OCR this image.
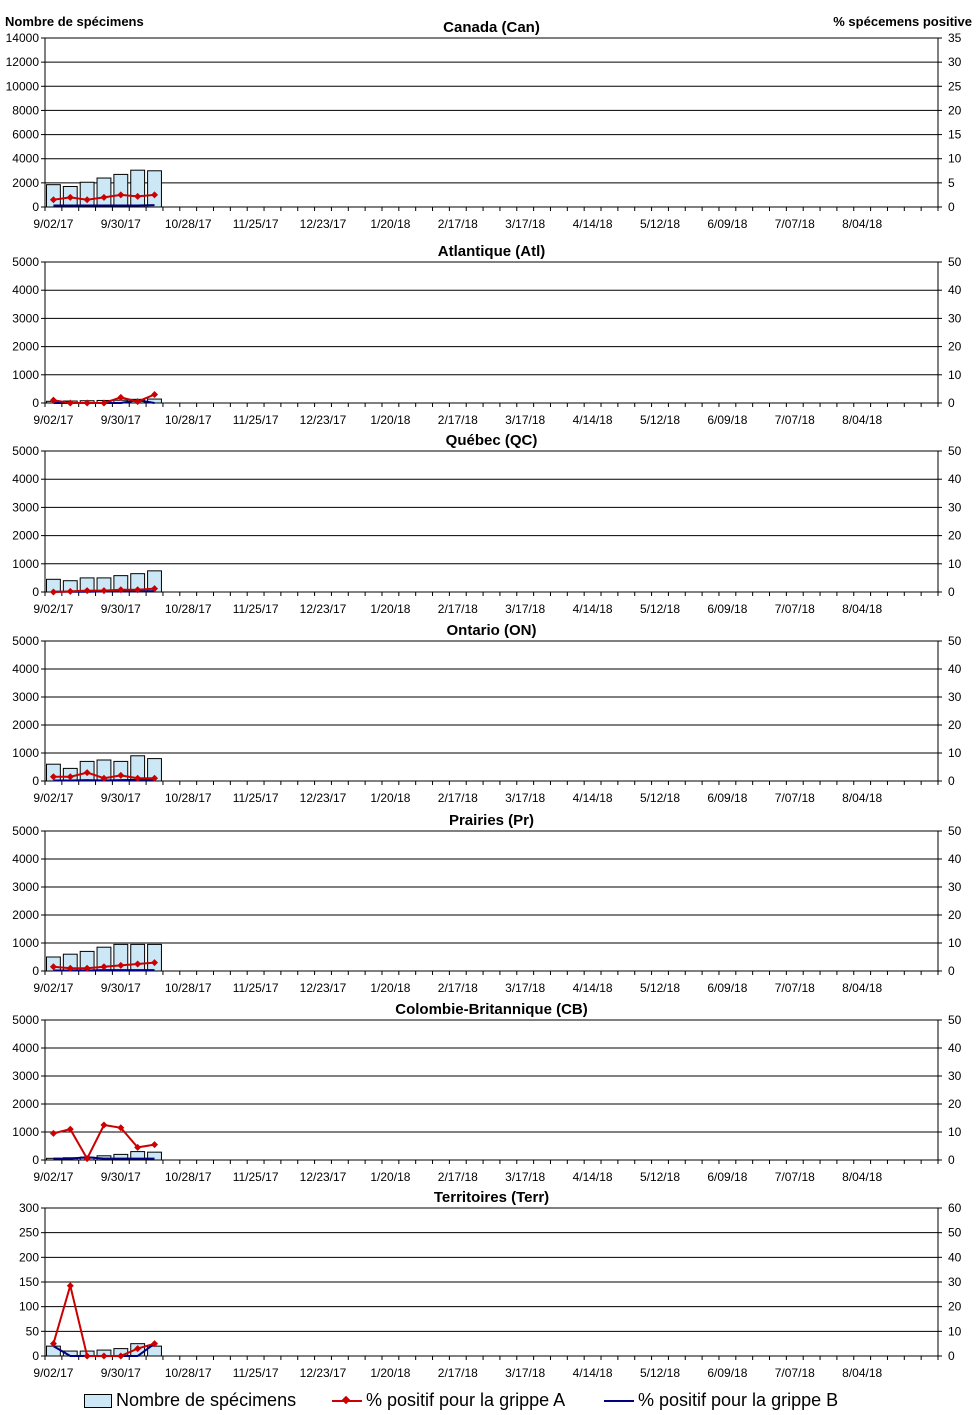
Nombre de spécimens	% spécemens positive
0
2000
4000
6000
8000
10000
12000
14000
0
5
10
15
20
25
30
35
9/02/17 9/30/17 10/28/17 11/25/17 12/23/17 1/20/18 2/17/18 3/17/18 4/14/18 5/12/18 6/09/18 7/07/18 8/04/18
Canada (Can)
0
1000
2000
3000
4000
5000
0
10
20
30
40
50
9/02/17 9/30/17 10/28/17 11/25/17 12/23/17 1/20/18 2/17/18 3/17/18 4/14/18 5/12/18 6/09/18 7/07/18 8/04/18
Atlantique (Atl)
0
1000
2000
3000
4000
5000
0
10
20
30
40
50
9/02/17 9/30/17 10/28/17 11/25/17 12/23/17 1/20/18 2/17/18 3/17/18 4/14/18 5/12/18 6/09/18 7/07/18 8/04/18
Québec (QC)
0
1000
2000
3000
4000
5000
0
10
20
30
40
50
9/02/17 9/30/17 10/28/17 11/25/17 12/23/17 1/20/18 2/17/18 3/17/18 4/14/18 5/12/18 6/09/18 7/07/18 8/04/18
Ontario (ON)
0
1000
2000
3000
4000
5000
0
10
20
30
40
50
9/02/17 9/30/17 10/28/17 11/25/17 12/23/17 1/20/18 2/17/18 3/17/18 4/14/18 5/12/18 6/09/18 7/07/18 8/04/18
Prairies (Pr)
0
1000
2000
3000
4000
5000
0
10
20
30
40
50
9/02/17 9/30/17 10/28/17 11/25/17 12/23/17 1/20/18 2/17/18 3/17/18 4/14/18 5/12/18 6/09/18 7/07/18 8/04/18
Colombie-Britannique (CB)
0
50
100
150
200
250
300
0
10
20
30
40
50
60
9/02/17 9/30/17 10/28/17 11/25/17 12/23/17 1/20/18 2/17/18 3/17/18 4/14/18 5/12/18 6/09/18 7/07/18 8/04/18
Territoires (Terr)
Nombre de spécimens	% positif pour la grippe A	% positif pour la grippe B
